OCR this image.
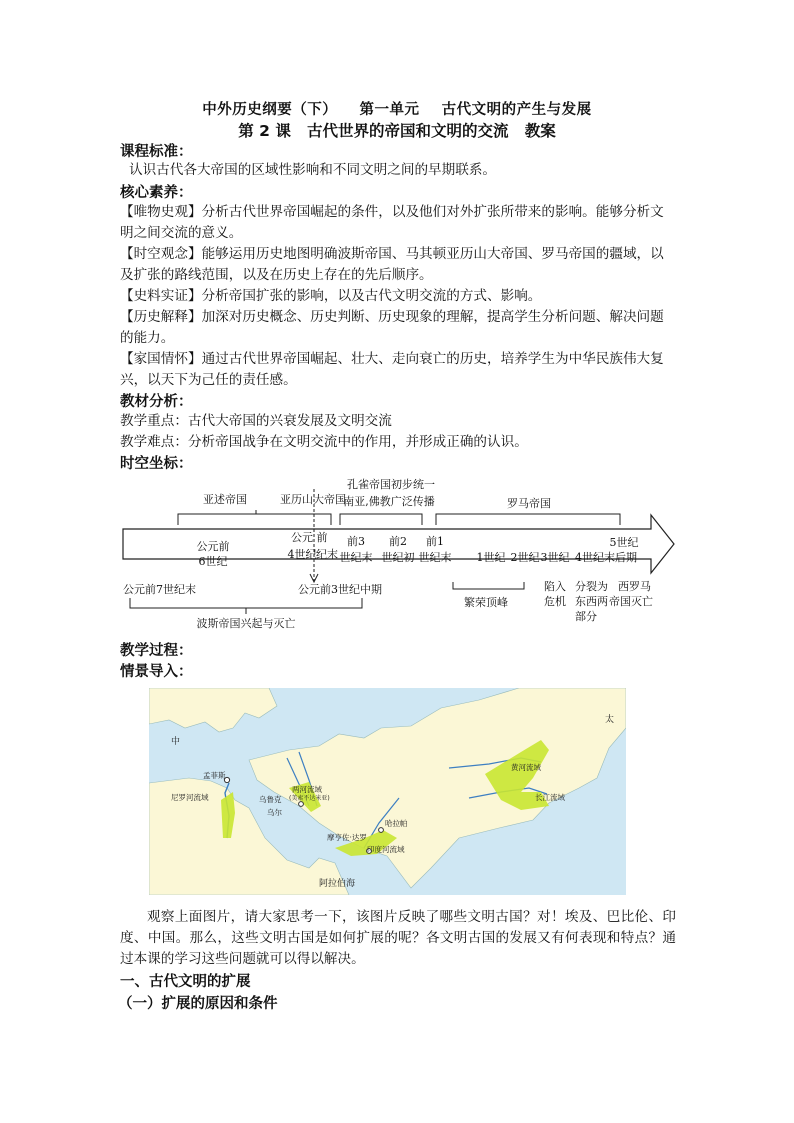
中外历史纲要（下）    第一单元    古代文明的产生与发展
第 2 课   古代世界的帝国和文明的交流   教案
课程标准：
认识古代各大帝国的区域性影响和不同文明之间的早期联系。
核心素养：
【唯物史观】分析古代世界帝国崛起的条件，以及他们对外扩张所带来的影响。能够分析文
明之间交流的意义。
【时空观念】能够运用历史地图明确波斯帝国、马其顿亚历山大帝国、罗马帝国的疆域，以
及扩张的路线范围，以及在历史上存在的先后顺序。
【史料实证】分析帝国扩张的影响，以及古代文明交流的方式、影响。
【历史解释】加深对历史概念、历史判断、历史现象的理解，提高学生分析问题、解决问题
的能力。
【家国情怀】通过古代世界帝国崛起、壮大、走向衰亡的历史，培养学生为中华民族伟大复
兴，以天下为己任的责任感。
教材分析：
教学重点：古代大帝国的兴衰发展及文明交流
教学难点：分析帝国战争在文明交流中的作用，并形成正确的认识。
时空坐标：
亚述帝国	亚历山大帝国
孔雀帝国初步统一
南亚,佛教广泛传播	罗马帝国
公元前
6世纪
公元
4世纪
前
纪末
前3
世纪末
前2
世纪初
前1
世纪末 1世纪 2世纪 3世纪 4世纪末后期
5世纪
公元前7世纪末	公元前3世纪中期
波斯帝国兴起与灭亡
繁荣顶峰
陷入
危机
分裂为
东西两
部分
西罗马
帝国灭亡
教学过程：
情景导入：
孟菲斯
尼罗河流域	乌鲁克
乌尔
两河流域
(美索不达米亚)
哈拉帕
摩亨佐·达罗
印度河流域
黄河流域
长江流域
阿拉伯海
中
太
观察上面图片，请大家思考一下，该图片反映了哪些文明古国？对！埃及、巴比伦、印度、中国。那么，这些文明古国是如何扩展的呢？各文明古国的发展又有何表现和特点？通过本课的学习这些问题就可以得以解决。
一、古代文明的扩展
（一）扩展的原因和条件
